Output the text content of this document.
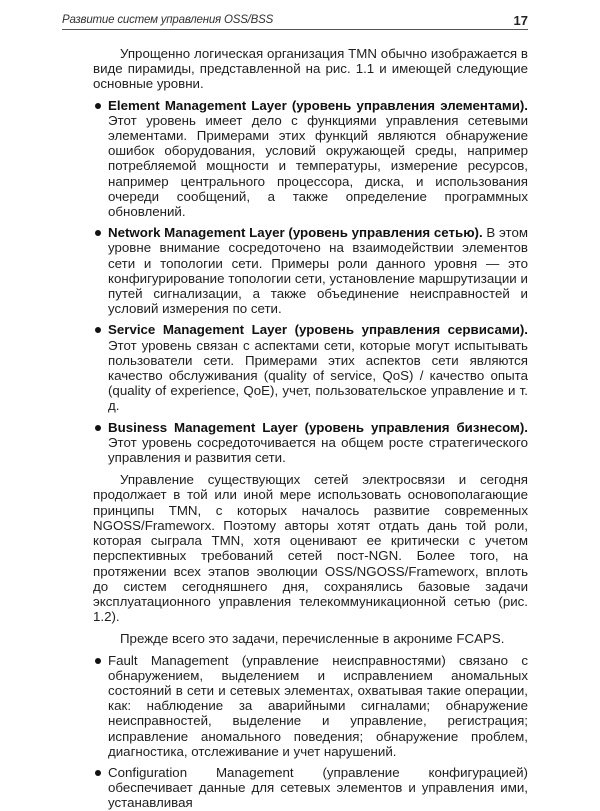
Развитие систем управления OSS/BSS	17

Упрощенно логическая организация TMN обычно изображается в виде пирамиды, представленной на рис. 1.1 и имеющей следующие основные уровни.

Element Management Layer (уровень управления элементами). Этот уровень имеет дело с функциями управления сетевыми элементами. Примерами этих функций являются обнаружение ошибок оборудования, условий окружающей среды, например потребляемой мощности и температуры, измерение ресурсов, например центрального процессора, диска, и использования очереди сообщений, а также определение программных обновлений.
Network Management Layer (уровень управления сетью). В этом уровне внимание сосредоточено на взаимодействии элементов сети и топологии сети. Примеры роли данного уровня — это конфигурирование топологии сети, установление маршрутизации и путей сигнализации, а также объединение неисправностей и условий измерения по сети.
Service Management Layer (уровень управления сервисами). Этот уровень связан с аспектами сети, которые могут испытывать пользователи сети. Примерами этих аспектов сети являются качество обслуживания (quality of service, QoS) / качество опыта (quality of experience, QoE), учет, пользовательское управление и т. д.
Business Management Layer (уровень управления бизнесом). Этот уровень сосредоточивается на общем росте стратегического управления и развития сети.

Управление существующих сетей электросвязи и сегодня продолжает в той или иной мере использовать основополагающие принципы TMN, с которых началось развитие современных NGOSS/Frameworx. Поэтому авторы хотят отдать дань той роли, которая сыграла TMN, хотя оценивают ее критически с учетом перспективных требований сетей пост-NGN. Более того, на протяжении всех этапов эволюции OSS/NGOSS/Frameworx, вплоть до систем сегодняшнего дня, сохранялись базовые задачи эксплуатационного управления телекоммуникационной сетью (рис. 1.2).

Прежде всего это задачи, перечисленные в акрониме FCAPS.

Fault Management (управление неисправностями) связано с обнаружением, выделением и исправлением аномальных состояний в сети и сетевых элементах, охватывая такие операции, как: наблюдение за аварийными сигналами; обнаружение неисправностей, выделение и управление, регистрация; исправление аномального поведения; обнаружение проблем, диагностика, отслеживание и учет нарушений.
Configuration Management (управление конфигурацией) обеспечивает данные для сетевых элементов и управления ими, устанавливая
